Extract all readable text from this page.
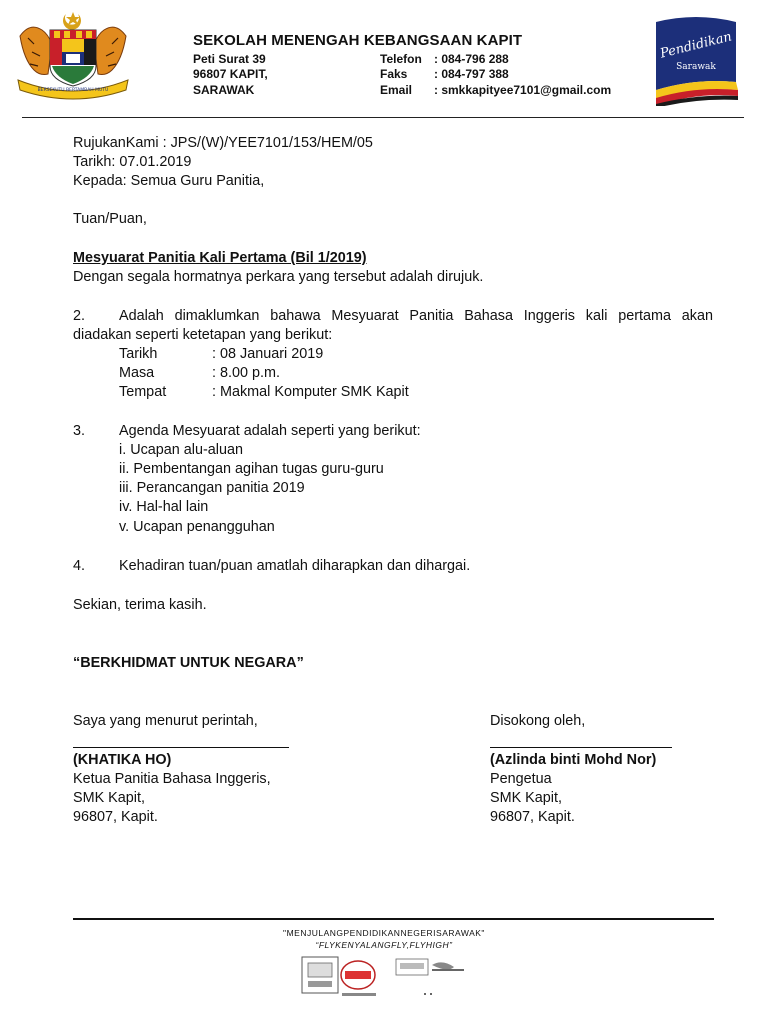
BERSEKUTU BERTAMBAH MUTU
SEKOLAH MENENGAH KEBANGSAAN KAPIT
Peti Surat 39
96807 KAPIT,
SARAWAK
Telefon : 084-796 288
Faks : 084-797 388
Email : smkkapityee7101@gmail.com
Pendidikan
Sarawak
RujukanKami : JPS/(W)/YEE7101/153/HEM/05
Tarikh: 07.01.2019
Kepada: Semua Guru Panitia,
Tuan/Puan,
Mesyuarat Panitia Kali Pertama (Bil 1/2019)
Dengan segala hormatnya perkara yang tersebut adalah dirujuk.
2. Adalah dimaklumkan bahawa Mesyuarat Panitia Bahasa Inggeris kali pertama akan
diadakan seperti ketetapan yang berikut:
Tarikh	: 08 Januari 2019
Masa	: 8.00 p.m.
Tempat	: Makmal Komputer SMK Kapit
3. Agenda Mesyuarat adalah seperti yang berikut:
i. Ucapan alu-aluan
ii. Pembentangan agihan tugas guru-guru
iii. Perancangan panitia 2019
iv. Hal-hal lain
v. Ucapan penangguhan
4. Kehadiran tuan/puan amatlah diharapkan dan dihargai.
Sekian, terima kasih.
“BERKHIDMAT UNTUK NEGARA”
Saya yang menurut perintah,
(KHATIKA HO)
Ketua Panitia Bahasa Inggeris,
SMK Kapit,
96807, Kapit.
Disokong oleh,
(Azlinda binti Mohd Nor)
Pengetua
SMK Kapit,
96807, Kapit.
"MENJULANGPENDIDIKANNEGERISARAWAK"
“FLYKENYALANGFLY,FLYHIGH”
